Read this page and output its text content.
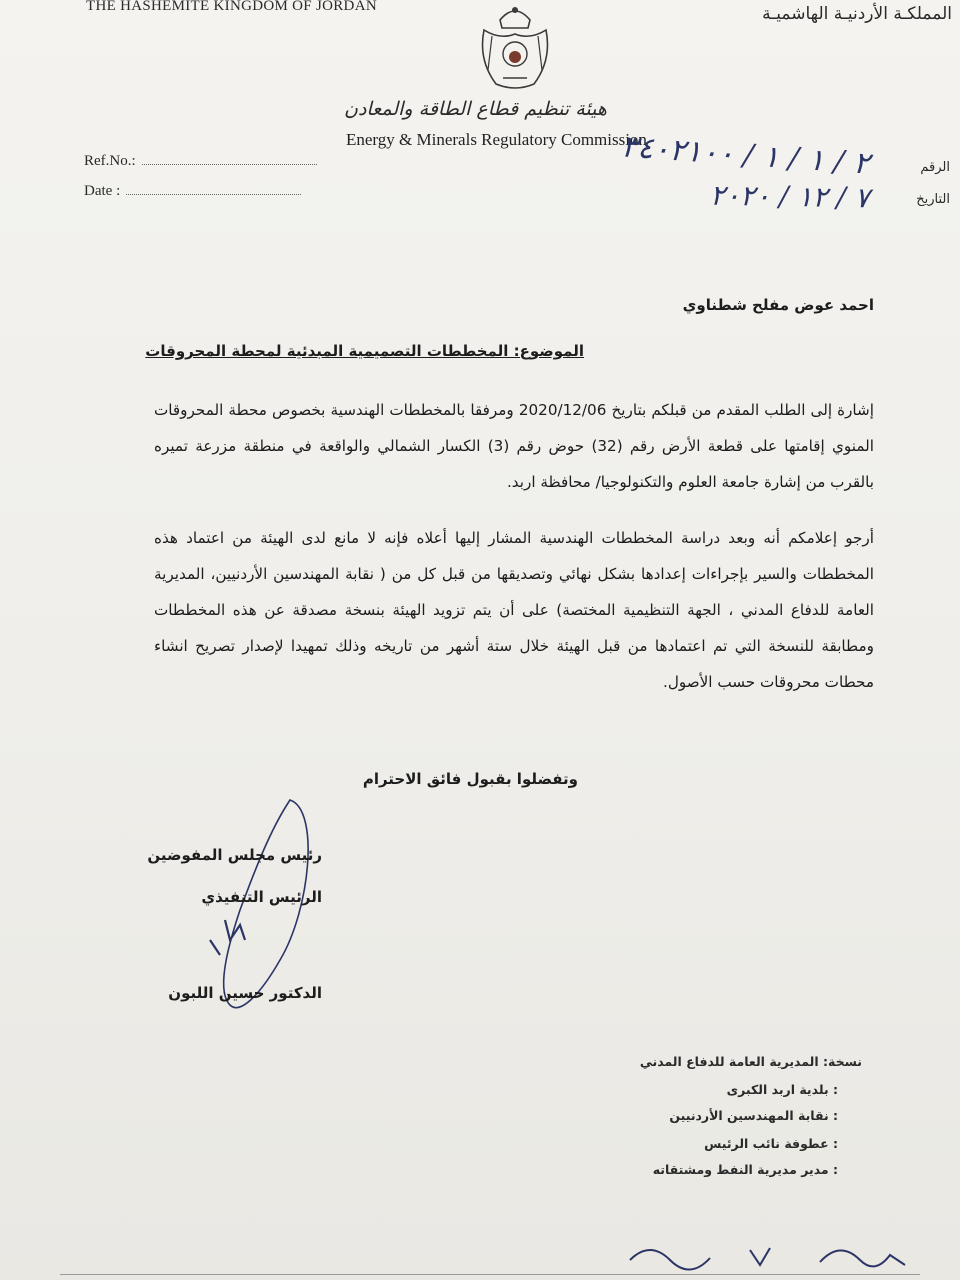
THE HASHEMITE KINGDOM OF JORDAN	المملكـة الأردنيـة الهاشميـة
هيئة تنظيم قطاع الطاقة والمعادن
Energy & Minerals Regulatory Commission
Ref.No.:
Date :
الرقم
التاريخ
٢ / ١ / ١ / ٣٤٠٢١٠٠
٧ / ١٢ / ٢٠٢٠
احمد عوض مفلح شطناوي
الموضوع: المخططات التصميمية المبدئية لمحطة المحروقات
إشارة إلى الطلب المقدم من قبلكم بتاريخ 2020/12/06 ومرفقا بالمخططات الهندسية بخصوص محطة المحروقات المنوي إقامتها على قطعة الأرض رقم (32) حوض رقم (3) الكسار الشمالي والواقعة في منطقة مزرعة تميره بالقرب من إشارة جامعة العلوم والتكنولوجيا/ محافظة اربد.
أرجو إعلامكم أنه وبعد دراسة المخططات الهندسية المشار إليها أعلاه فإنه لا مانع لدى الهيئة من اعتماد هذه المخططات والسير بإجراءات إعدادها بشكل نهائي وتصديقها من قبل كل من ( نقابة المهندسين الأردنيين، المديرية العامة للدفاع المدني ، الجهة التنظيمية المختصة) على أن يتم تزويد الهيئة بنسخة مصدقة عن هذه المخططات ومطابقة للنسخة التي تم اعتمادها من قبل الهيئة خلال ستة أشهر من تاريخه وذلك تمهيدا لإصدار تصريح انشاء محطات محروقات حسب الأصول.
وتفضلوا بقبول فائق الاحترام
رئيس مجلس المفوضين
الرئيس التنفيذي
الدكتور حسين اللبون
نسخة: المديرية العامة للدفاع المدني
: بلدية اربد الكبرى
: نقابة المهندسين الأردنيين
: عطوفة نائب الرئيس
: مدير مديرية النفط ومشتقاته
